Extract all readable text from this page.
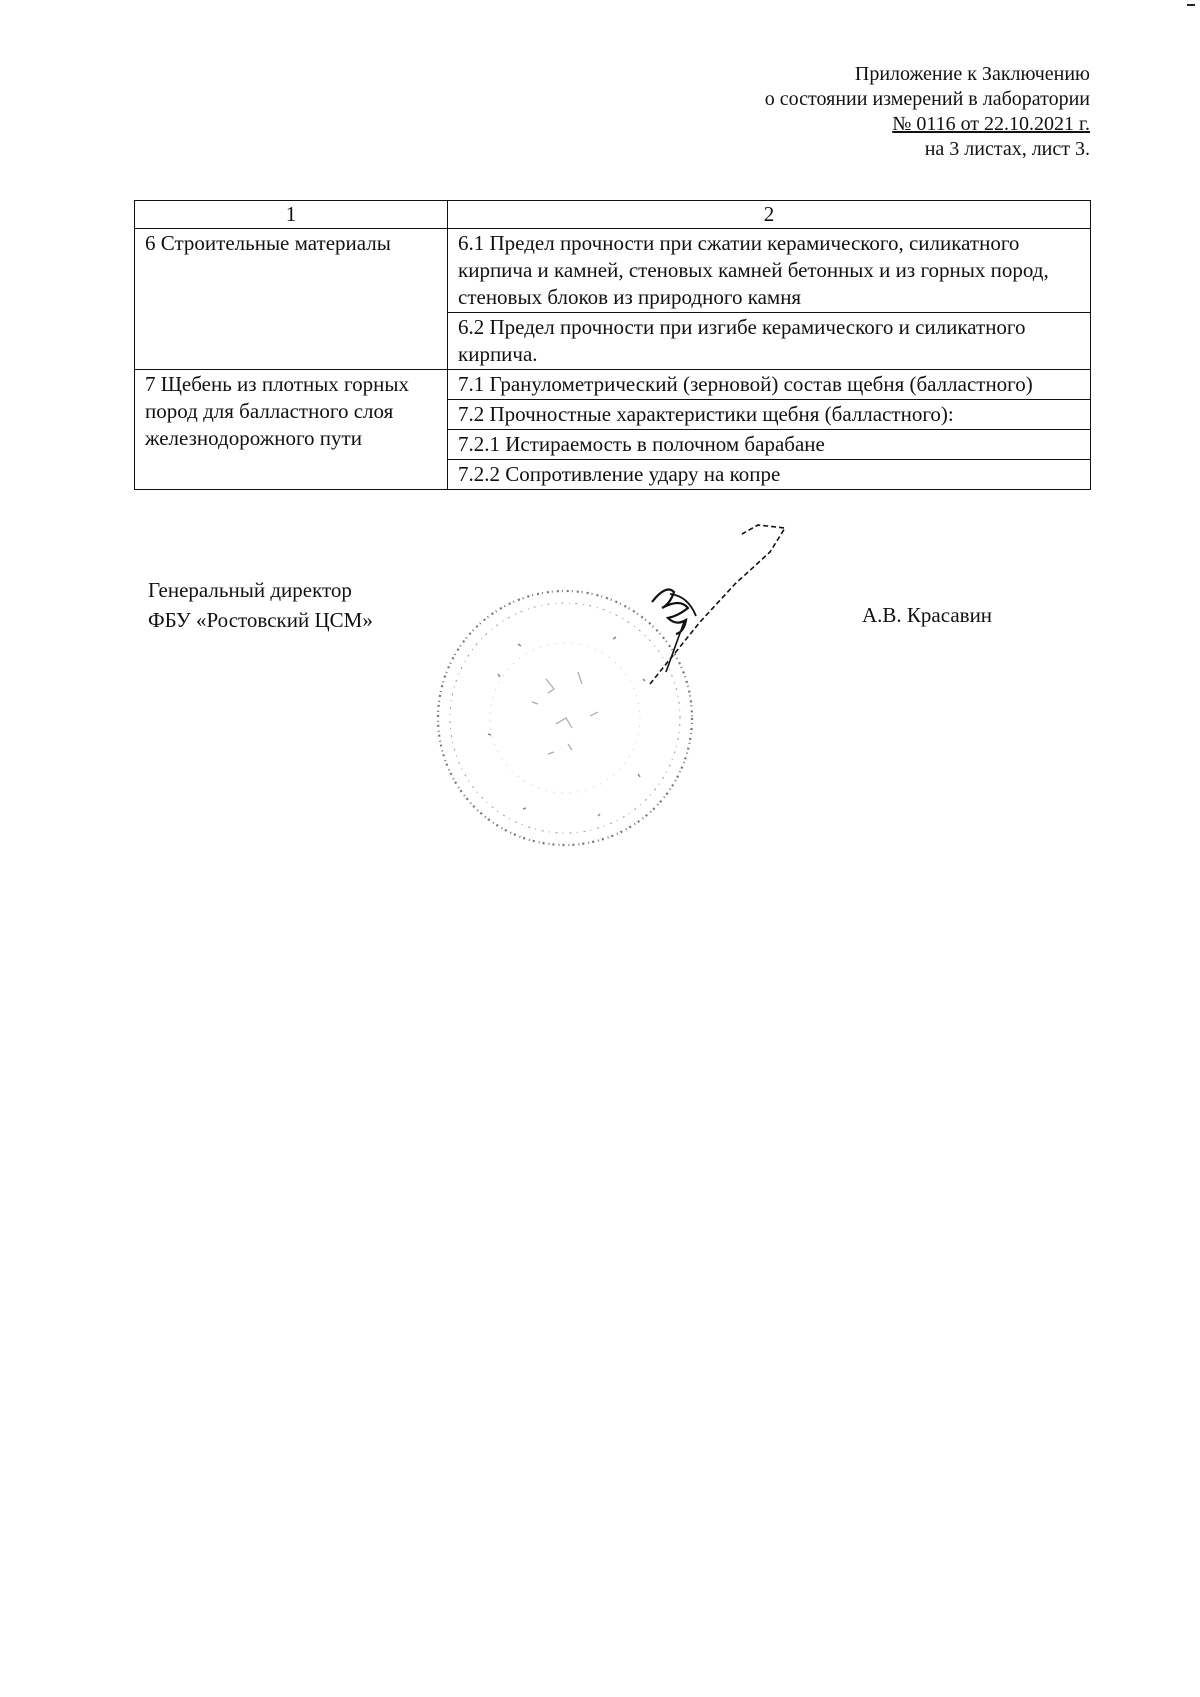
Приложение к Заключению
о состоянии измерений в лаборатории
№ 0116 от 22.10.2021 г.
на 3 листах, лист 3.
1	2
6 Строительные материалы	6.1 Предел прочности при сжатии керамического, силикатного кирпича и камней, стеновых камней бетонных и из горных пород, стеновых блоков из природного камня
	6.2 Предел прочности при изгибе керамического и силикатного кирпича.
7 Щебень из плотных горных пород для балластного слоя железнодорожного пути	7.1 Гранулометрический (зерновой) состав щебня (балластного)
	7.2 Прочностные характеристики щебня (балластного):
	7.2.1 Истираемость в полочном барабане
	7.2.2 Сопротивление удару на копре
Генеральный директор
ФБУ «Ростовский ЦСМ»	А.В. Красавин
